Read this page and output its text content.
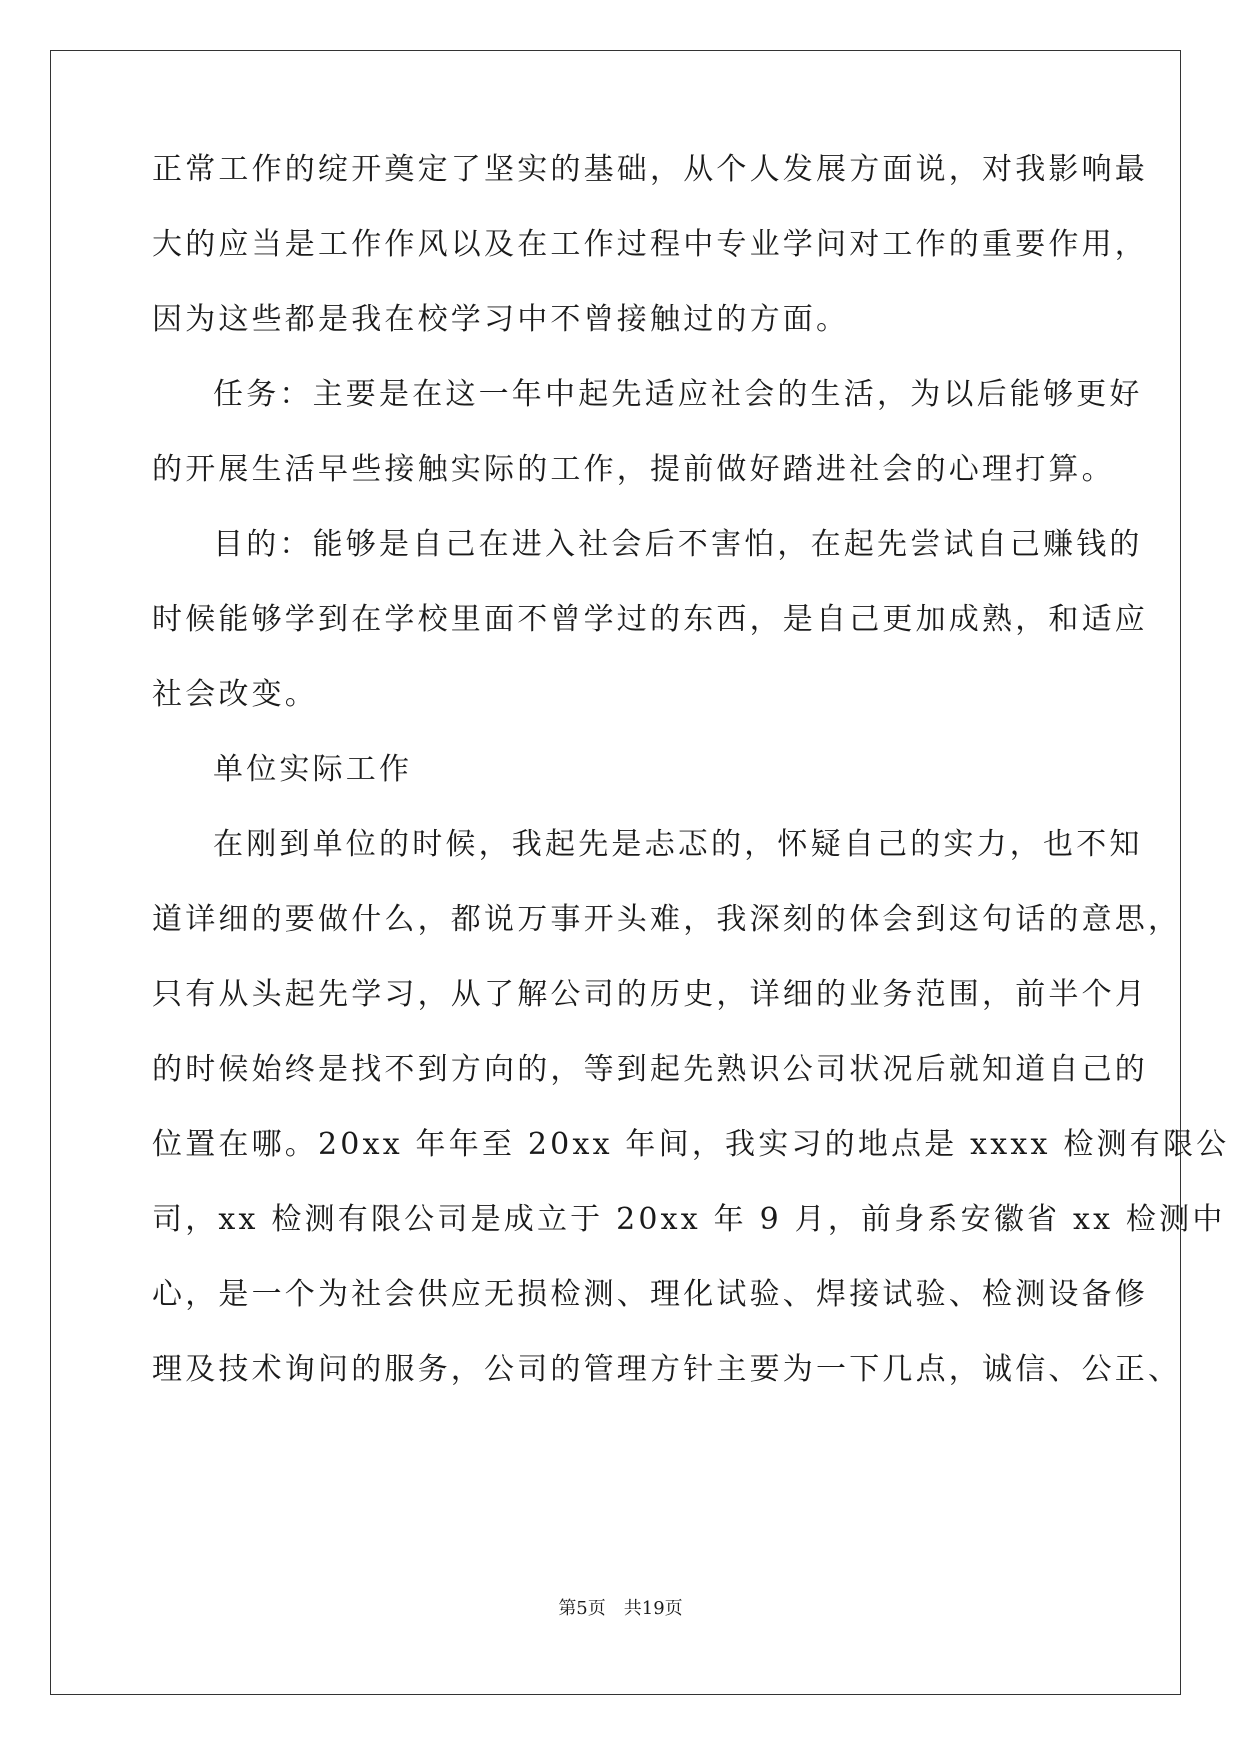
正常工作的绽开奠定了坚实的基础，从个人发展方面说，对我影响最
大的应当是工作作风以及在工作过程中专业学问对工作的重要作用，
因为这些都是我在校学习中不曾接触过的方面。
任务：主要是在这一年中起先适应社会的生活，为以后能够更好
的开展生活早些接触实际的工作，提前做好踏进社会的心理打算。
目的：能够是自己在进入社会后不害怕，在起先尝试自己赚钱的
时候能够学到在学校里面不曾学过的东西，是自己更加成熟，和适应
社会改变。
单位实际工作
在刚到单位的时候，我起先是忐忑的，怀疑自己的实力，也不知
道详细的要做什么，都说万事开头难，我深刻的体会到这句话的意思，
只有从头起先学习，从了解公司的历史，详细的业务范围，前半个月
的时候始终是找不到方向的，等到起先熟识公司状况后就知道自己的
位置在哪。20xx 年年至 20xx 年间，我实习的地点是 xxxx 检测有限公
司，xx 检测有限公司是成立于 20xx 年 9 月，前身系安徽省 xx 检测中
心，是一个为社会供应无损检测、理化试验、焊接试验、检测设备修
理及技术询问的服务，公司的管理方针主要为一下几点，诚信、公正、
第5页 共19页
